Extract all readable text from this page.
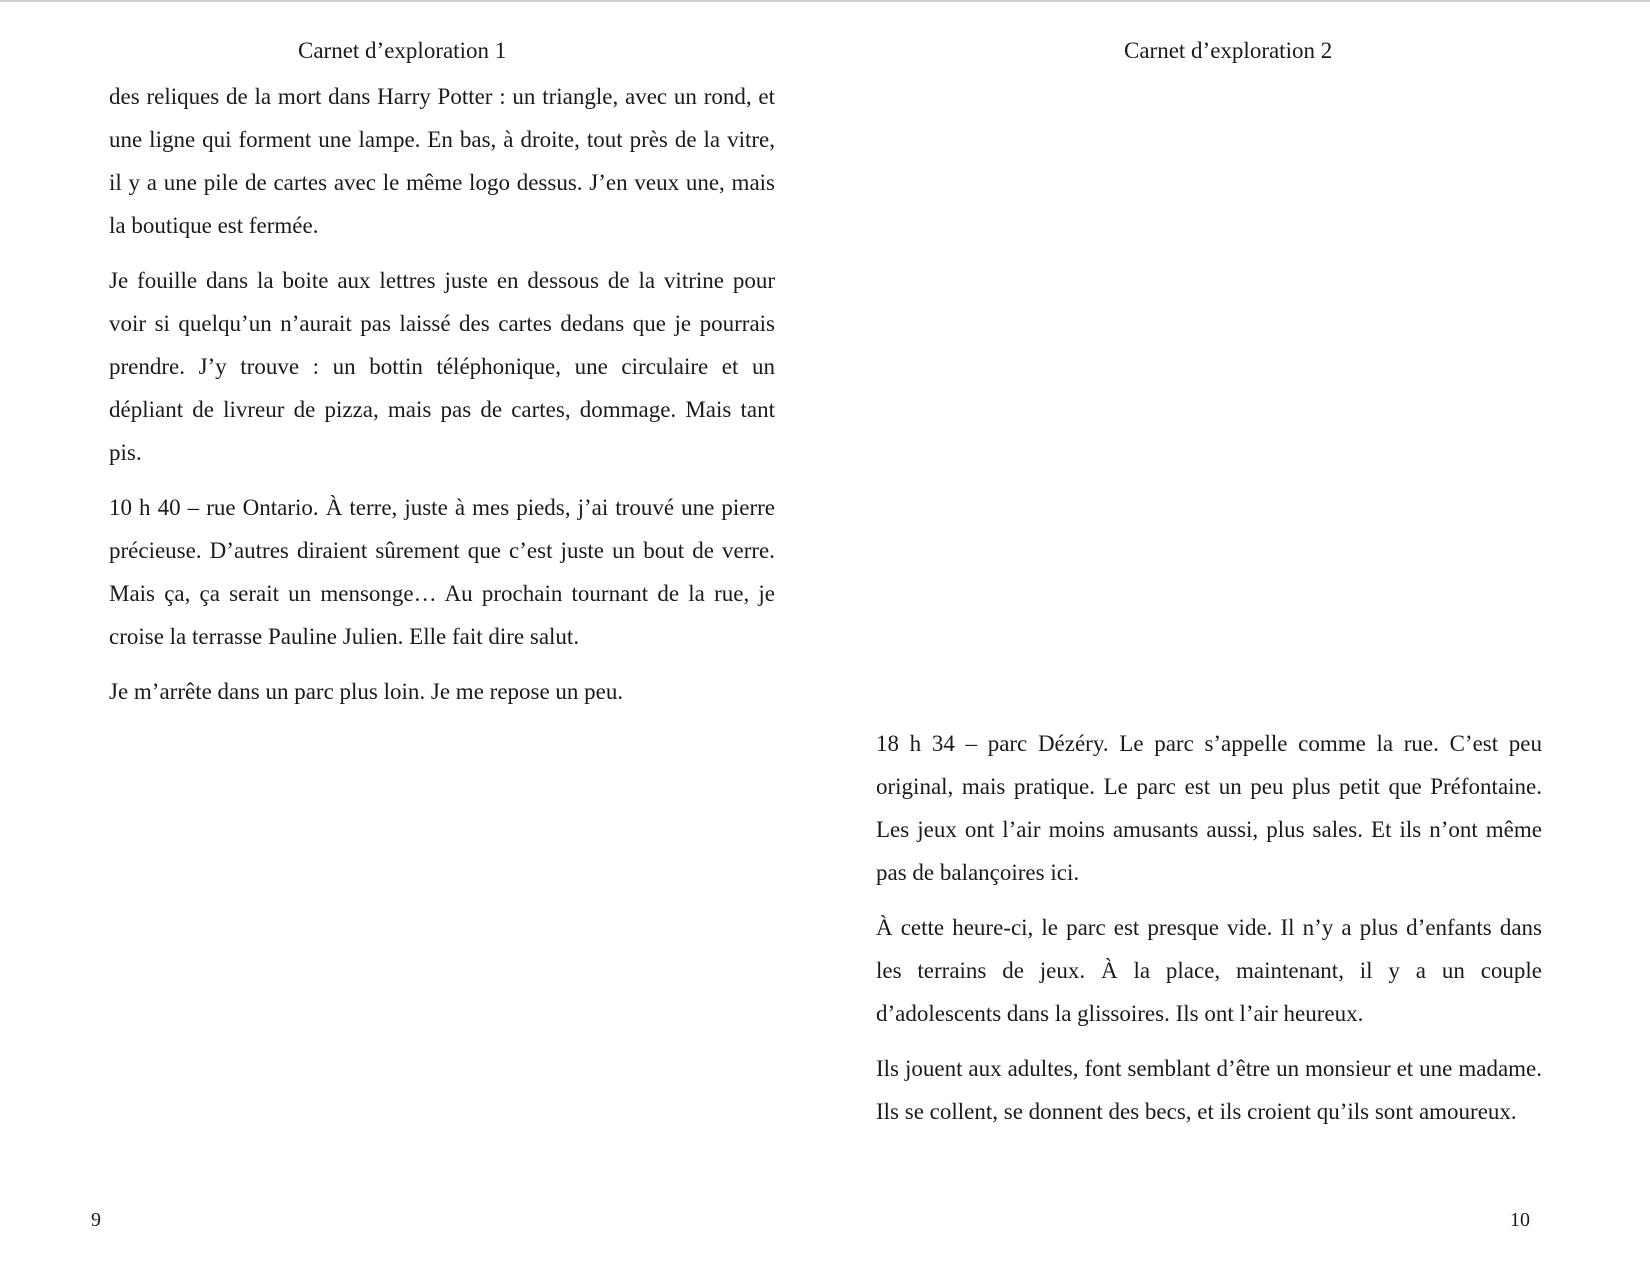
Carnet d’exploration 1

des reliques de la mort dans Harry Potter : un triangle, avec un rond, et une ligne qui forment une lampe. En bas, à droite, tout près de la vitre, il y a une pile de cartes avec le même logo dessus. J’en veux une, mais la boutique est fermée.

Je fouille dans la boite aux lettres juste en dessous de la vitrine pour voir si quelqu’un n’aurait pas laissé des cartes dedans que je pourrais prendre. J’y trouve : un bottin téléphonique, une circulaire et un dépliant de livreur de pizza, mais pas de cartes, dommage. Mais tant pis.

10 h 40 – rue Ontario. À terre, juste à mes pieds, j’ai trouvé une pierre précieuse. D’autres diraient sûrement que c’est juste un bout de verre. Mais ça, ça serait un mensonge… Au prochain tournant de la rue, je croise la terrasse Pauline Julien. Elle fait dire salut.

Je m’arrête dans un parc plus loin. Je me repose un peu.

9
Carnet d’exploration 2

18 h 34 – parc Dézéry. Le parc s’appelle comme la rue. C’est peu original, mais pratique. Le parc est un peu plus petit que Préfontaine. Les jeux ont l’air moins amusants aussi, plus sales. Et ils n’ont même pas de balançoires ici.

À cette heure-ci, le parc est presque vide. Il n’y a plus d’enfants dans les terrains de jeux. À la place, maintenant, il y a un couple d’adolescents dans la glissoires. Ils ont l’air heureux.

Ils jouent aux adultes, font semblant d’être un monsieur et une madame. Ils se collent, se donnent des becs, et ils croient qu’ils sont amoureux.

10
